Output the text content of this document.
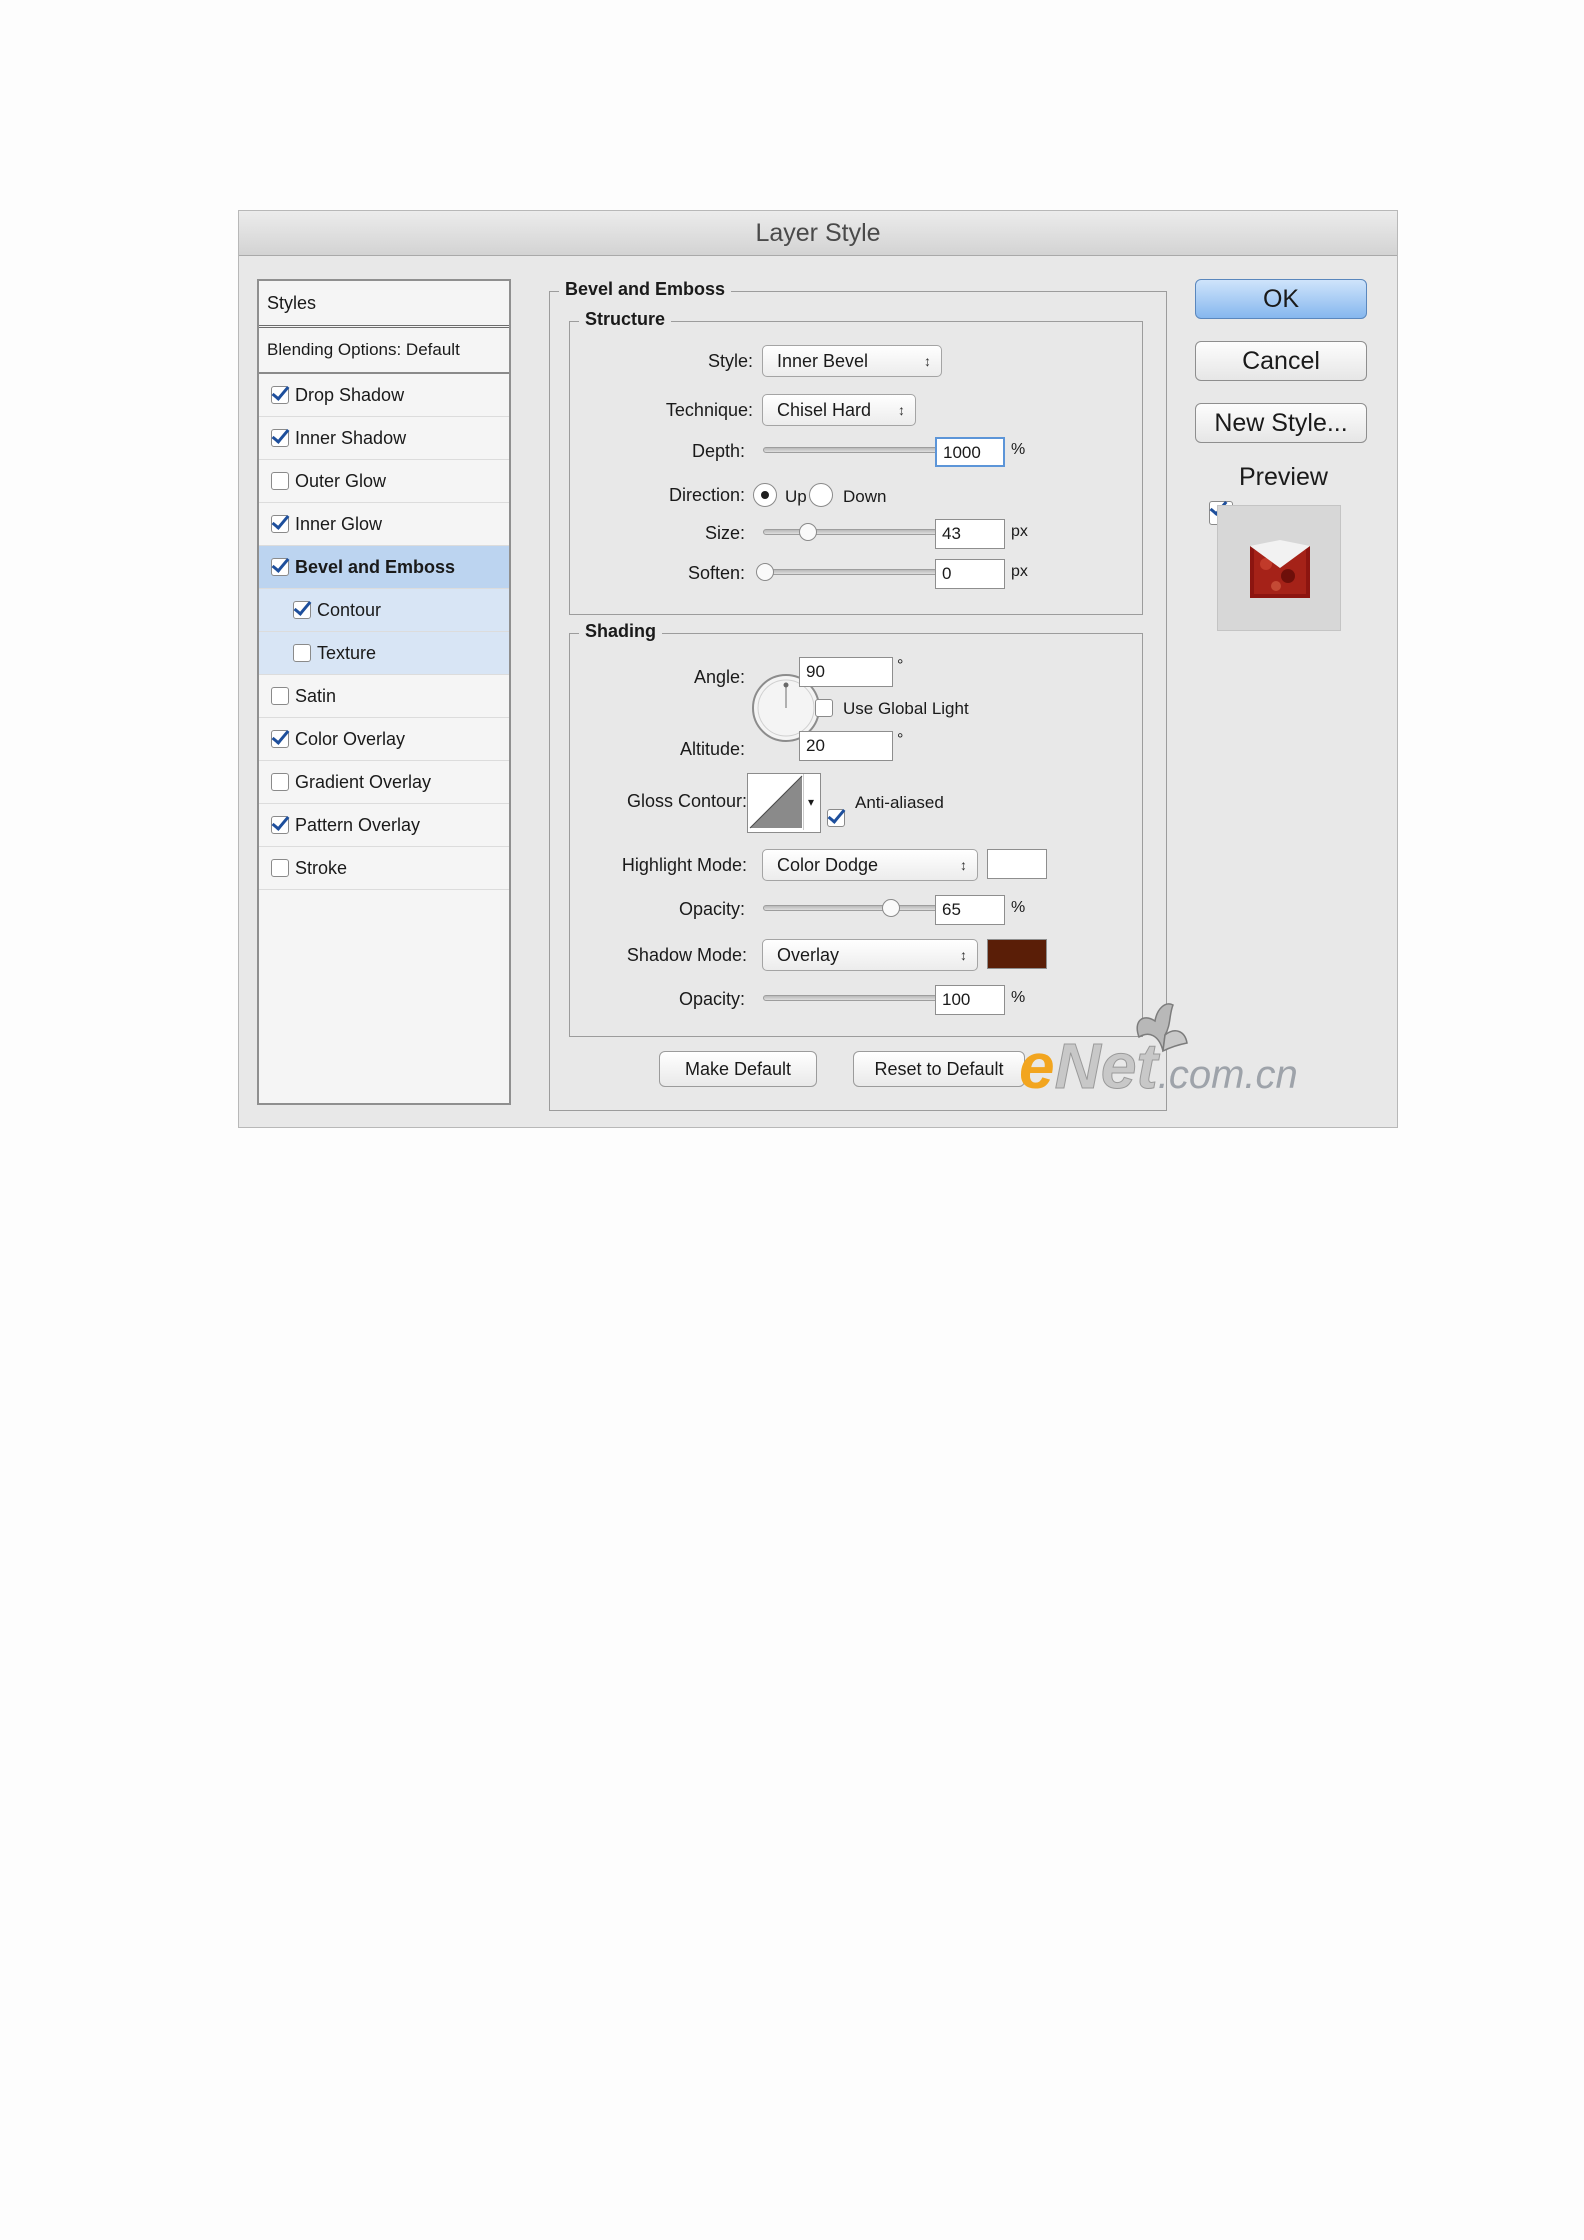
Layer Style
Styles
Blending Options: Default
Drop Shadow
Inner Shadow
Outer Glow
Inner Glow
Bevel and Emboss
Contour
Texture
Satin
Color Overlay
Gradient Overlay
Pattern Overlay
Stroke
Bevel and Emboss
Structure
Style:	Inner Bevel	↕
Technique:	Chisel Hard ↕
Depth:	1000	%
Direction: Up Down
Size:	43	px
Soften:	0	px
Shading
Angle:	90	°
Use Global Light
Altitude:	20	°
Gloss Contour:	▾ Anti-aliased
Highlight Mode:	Color Dodge	↕
Opacity:	65	%
Shadow Mode:	Overlay	↕
Opacity:	100	%
Make Default	Reset to Default
OK
Cancel
New Style...
Preview
eNet.com.cn
